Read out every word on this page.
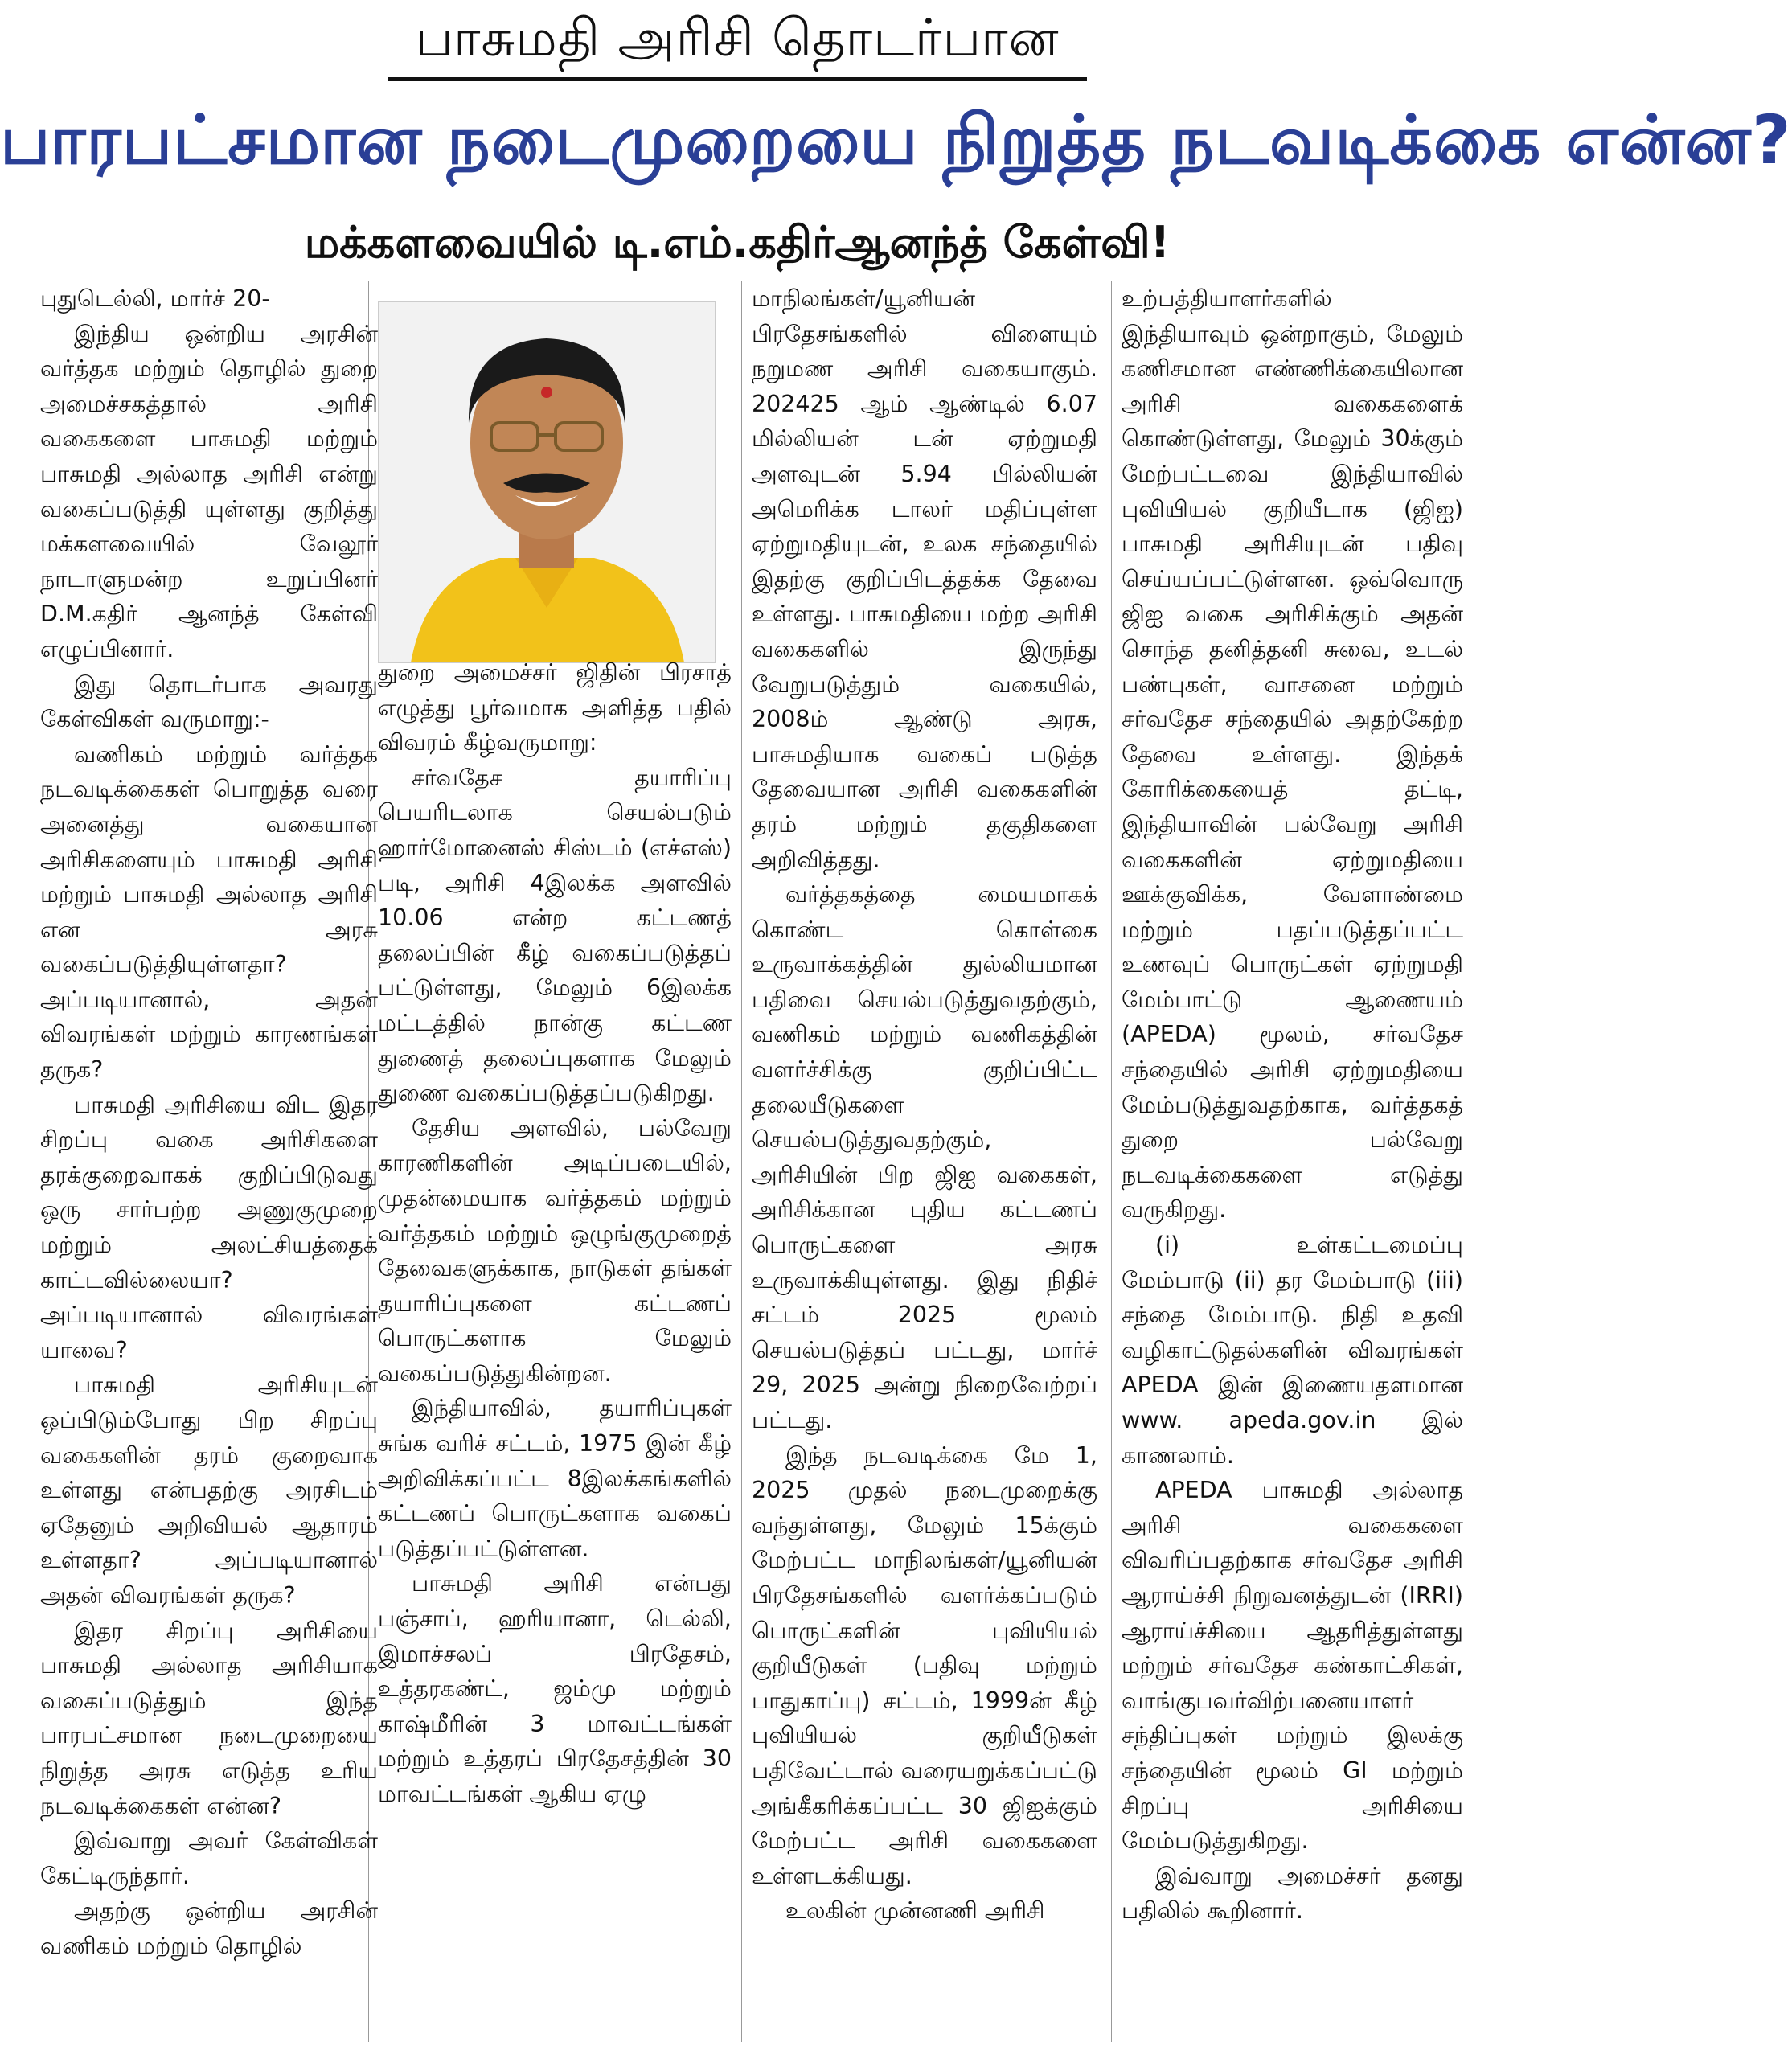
பாசுமதி அரிசி தொடர்பான
பாரபட்சமான நடைமுறையை நிறுத்த நடவடிக்கை என்ன?
மக்களவையில் டி.எம்.கதிர்ஆனந்த் கேள்வி!

புதுடெல்லி, மார்ச் 20-

இந்திய ஒன்றிய அரசின் வர்த்தக மற்றும் தொழில் துறை அமைச்சகத்தால் அரிசி வகைகளை பாசுமதி மற்றும் பாசுமதி அல்லாத அரிசி என்று வகைப்படுத்தி யுள்ளது குறித்து மக்களவையில் வேலூர் நாடாளுமன்ற உறுப்பினர் D.M.கதிர் ஆனந்த் கேள்வி எழுப்பினார்.

இது தொடர்பாக அவரது கேள்விகள் வருமாறு:-

வணிகம் மற்றும் வர்த்தக நடவடிக்கைகள் பொறுத்த வரை அனைத்து வகையான அரிசிகளையும் பாசுமதி அரிசி மற்றும் பாசுமதி அல்லாத அரிசி என அரசு வகைப்படுத்தியுள்ளதா? அப்படியானால், அதன் விவரங்கள் மற்றும் காரணங்கள் தருக?

பாசுமதி அரிசியை விட இதர சிறப்பு வகை அரிசிகளை தரக்குறைவாகக் குறிப்பிடுவது ஒரு சார்பற்ற அணுகுமுறை மற்றும் அலட்சியத்தைக் காட்டவில்லையா? அப்படியானால் விவரங்கள் யாவை?

பாசுமதி அரிசியுடன் ஒப்பிடும்போது பிற சிறப்பு வகைகளின் தரம் குறைவாக உள்ளது என்பதற்கு அரசிடம் ஏதேனும் அறிவியல் ஆதாரம் உள்ளதா? அப்படியானால் அதன் விவரங்கள் தருக?

இதர சிறப்பு அரிசியை பாசுமதி அல்லாத அரிசியாக வகைப்படுத்தும் இந்த பாரபட்சமான நடைமுறையை நிறுத்த அரசு எடுத்த உரிய நடவடிக்கைகள் என்ன?

இவ்வாறு அவர் கேள்விகள் கேட்டிருந்தார்.

அதற்கு ஒன்றிய அரசின் வணிகம் மற்றும் தொழில்

துறை அமைச்சர் ஜிதின் பிரசாத் எழுத்து பூர்வமாக அளித்த பதில் விவரம் கீழ்வருமாறு:

சர்வதேச தயாரிப்பு பெயரிடலாக செயல்படும் ஹார்மோனைஸ் சிஸ்டம் (எச்எஸ்) படி, அரிசி 4இலக்க அளவில் 10.06 என்ற கட்டணத் தலைப்பின் கீழ் வகைப்படுத்தப் பட்டுள்ளது, மேலும் 6இலக்க மட்டத்தில் நான்கு கட்டண துணைத் தலைப்புகளாக மேலும் துணை வகைப்படுத்தப்படுகிறது.

தேசிய அளவில், பல்வேறு காரணிகளின் அடிப்படையில், முதன்மையாக வர்த்தகம் மற்றும் வர்த்தகம் மற்றும் ஒழுங்குமுறைத் தேவைகளுக்காக, நாடுகள் தங்கள் தயாரிப்புகளை கட்டணப் பொருட்களாக மேலும் வகைப்படுத்துகின்றன.

இந்தியாவில், தயாரிப்புகள் சுங்க வரிச் சட்டம், 1975 இன் கீழ் அறிவிக்கப்பட்ட 8இலக்கங்களில் கட்டணப் பொருட்களாக வகைப் படுத்தப்பட்டுள்ளன.

பாசுமதி அரிசி என்பது பஞ்சாப், ஹரியானா, டெல்லி, இமாச்சலப் பிரதேசம், உத்தரகண்ட், ஜம்மு மற்றும் காஷ்மீரின் 3 மாவட்டங்கள் மற்றும் உத்தரப் பிரதேசத்தின் 30 மாவட்டங்கள் ஆகிய ஏழு

மாநிலங்கள்/யூனியன் பிரதேசங்களில் விளையும் நறுமண அரிசி வகையாகும். 202425 ஆம் ஆண்டில் 6.07 மில்லியன் டன் ஏற்றுமதி அளவுடன் 5.94 பில்லியன் அமெரிக்க டாலர் மதிப்புள்ள ஏற்றுமதியுடன், உலக சந்தையில் இதற்கு குறிப்பிடத்தக்க தேவை உள்ளது. பாசுமதியை மற்ற அரிசி வகைகளில் இருந்து வேறுபடுத்தும் வகையில், 2008ம் ஆண்டு அரசு, பாசுமதியாக வகைப் படுத்த தேவையான அரிசி வகைகளின் தரம் மற்றும் தகுதிகளை அறிவித்தது.

வர்த்தகத்தை மையமாகக் கொண்ட கொள்கை உருவாக்கத்தின் துல்லியமான பதிவை செயல்படுத்துவதற்கும், வணிகம் மற்றும் வணிகத்தின் வளர்ச்சிக்கு குறிப்பிட்ட தலையீடுகளை செயல்படுத்துவதற்கும், அரிசியின் பிற ஜிஐ வகைகள், அரிசிக்கான புதிய கட்டணப் பொருட்களை அரசு உருவாக்கியுள்ளது. இது நிதிச் சட்டம் 2025 மூலம் செயல்படுத்தப் பட்டது, மார்ச் 29, 2025 அன்று நிறைவேற்றப் பட்டது.

இந்த நடவடிக்கை மே 1, 2025 முதல் நடைமுறைக்கு வந்துள்ளது, மேலும் 15க்கும் மேற்பட்ட மாநிலங்கள்/யூனியன் பிரதேசங்களில் வளர்க்கப்படும் பொருட்களின் புவியியல் குறியீடுகள் (பதிவு மற்றும் பாதுகாப்பு) சட்டம், 1999ன் கீழ் புவியியல் குறியீடுகள் பதிவேட்டால் வரையறுக்கப்பட்டு அங்கீகரிக்கப்பட்ட 30 ஜிஐக்கும் மேற்பட்ட அரிசி வகைகளை உள்ளடக்கியது.

உலகின் முன்னணி அரிசி

உற்பத்தியாளர்களில் இந்தியாவும் ஒன்றாகும், மேலும் கணிசமான எண்ணிக்கையிலான அரிசி வகைகளைக் கொண்டுள்ளது, மேலும் 30க்கும் மேற்பட்டவை இந்தியாவில் புவியியல் குறியீடாக (ஜிஐ) பாசுமதி அரிசியுடன் பதிவு செய்யப்பட்டுள்ளன. ஒவ்வொரு ஜிஐ வகை அரிசிக்கும் அதன் சொந்த தனித்தனி சுவை, உடல் பண்புகள், வாசனை மற்றும் சர்வதேச சந்தையில் அதற்கேற்ற தேவை உள்ளது. இந்தக் கோரிக்கையைத் தட்டி, இந்தியாவின் பல்வேறு அரிசி வகைகளின் ஏற்றுமதியை ஊக்குவிக்க, வேளாண்மை மற்றும் பதப்படுத்தப்பட்ட உணவுப் பொருட்கள் ஏற்றுமதி மேம்பாட்டு ஆணையம் (APEDA) மூலம், சர்வதேச சந்தையில் அரிசி ஏற்றுமதியை மேம்படுத்துவதற்காக, வர்த்தகத் துறை பல்வேறு நடவடிக்கைகளை எடுத்து வருகிறது.

(i) உள்கட்டமைப்பு மேம்பாடு (ii) தர மேம்பாடு (iii) சந்தை மேம்பாடு. நிதி உதவி வழிகாட்டுதல்களின் விவரங்கள் APEDA இன் இணையதளமான www. apeda.gov.in இல் காணலாம்.

APEDA பாசுமதி அல்லாத அரிசி வகைகளை விவரிப்பதற்காக சர்வதேச அரிசி ஆராய்ச்சி நிறுவனத்துடன் (IRRI) ஆராய்ச்சியை ஆதரித்துள்ளது மற்றும் சர்வதேச கண்காட்சிகள், வாங்குபவர்விற்பனையாளர் சந்திப்புகள் மற்றும் இலக்கு சந்தையின் மூலம் GI மற்றும் சிறப்பு அரிசியை மேம்படுத்துகிறது.

இவ்வாறு அமைச்சர் தனது பதிலில் கூறினார்.
